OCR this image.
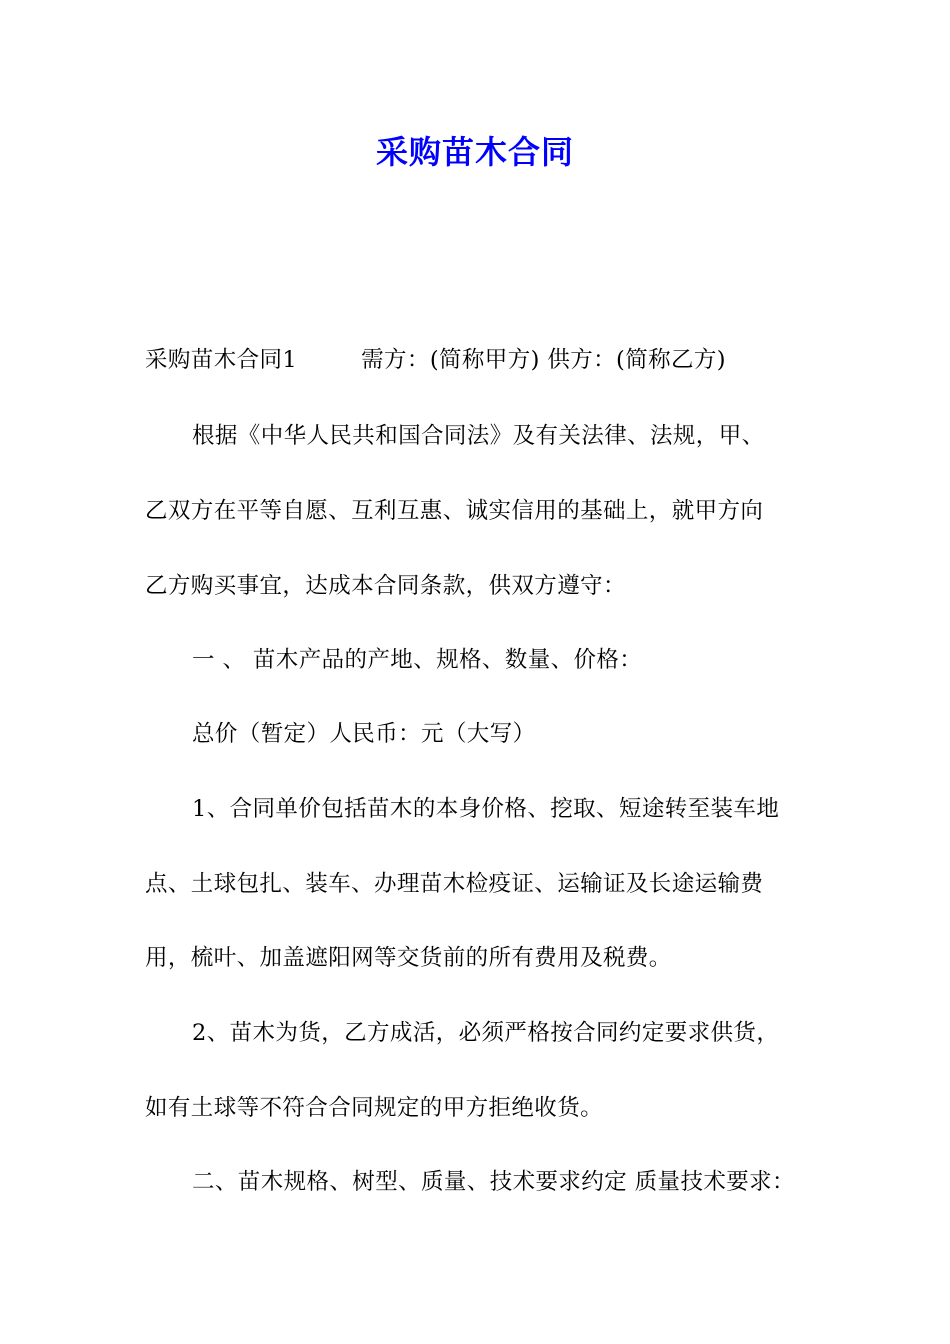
采购苗木合同
采购苗木合同1	需方：(简称甲方) 供方：(简称乙方)
根据《中华人民共和国合同法》及有关法律、法规，甲、
乙双方在平等自愿、互利互惠、诚实信用的基础上，就甲方向
乙方购买事宜，达成本合同条款，供双方遵守：
一 、 苗木产品的产地、规格、数量、价格：
总价（暂定）人民币：元（大写）
1、合同单价包括苗木的本身价格、挖取、短途转至装车地
点、土球包扎、装车、办理苗木检疫证、运输证及长途运输费
用，梳叶、加盖遮阳网等交货前的所有费用及税费。
2、苗木为货，乙方成活，必须严格按合同约定要求供货，
如有土球等不符合合同规定的甲方拒绝收货。
二、苗木规格、树型、质量、技术要求约定 质量技术要求：
